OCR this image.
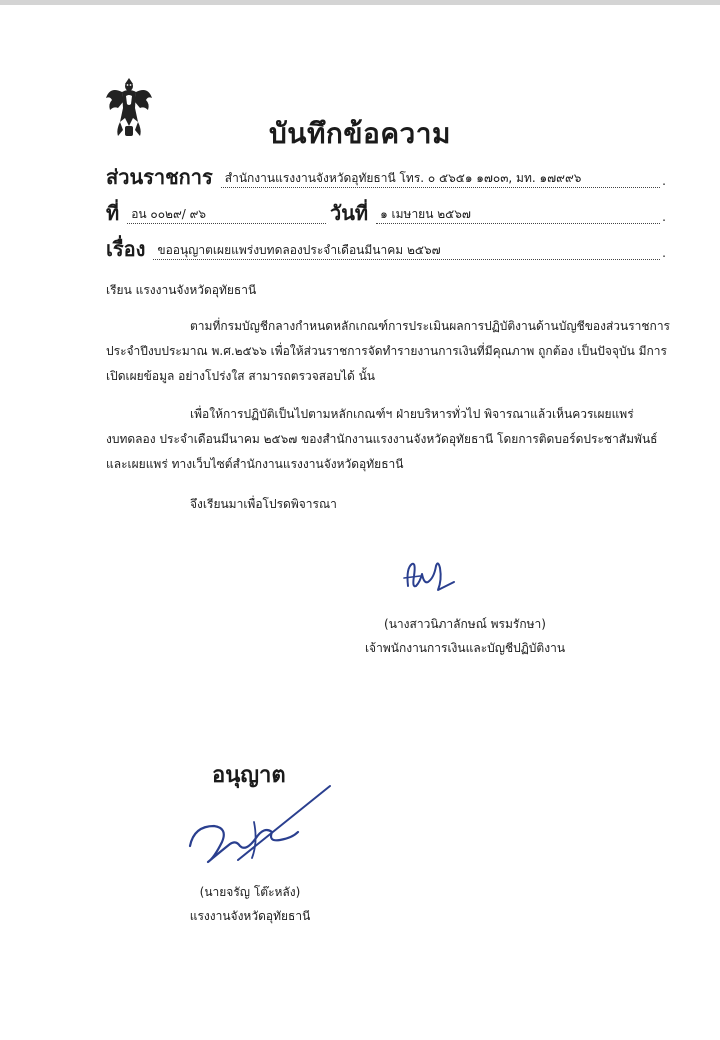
บันทึกข้อความ
ส่วนราชการ	สำนักงานแรงงานจังหวัดอุทัยธานี โทร. ๐ ๕๖๕๑ ๑๗๐๓, มท. ๑๗๙๙๖	.
ที่	อน ๐๐๒๙/ ๙๖	วันที่	๑ เมษายน ๒๕๖๗	.
เรื่อง	ขออนุญาตเผยแพร่งบทดลองประจำเดือนมีนาคม ๒๕๖๗	.
เรียน แรงงานจังหวัดอุทัยธานี
ตามที่กรมบัญชีกลางกำหนดหลักเกณฑ์การประเมินผลการปฏิบัติงานด้านบัญชีของส่วนราชการ
ประจำปีงบประมาณ พ.ศ.๒๕๖๖ เพื่อให้ส่วนราชการจัดทำรายงานการเงินที่มีคุณภาพ ถูกต้อง เป็นปัจจุบัน มีการ
เปิดเผยข้อมูล อย่างโปร่งใส สามารถตรวจสอบได้ นั้น
เพื่อให้การปฏิบัติเป็นไปตามหลักเกณฑ์ฯ ฝ่ายบริหารทั่วไป พิจารณาแล้วเห็นควรเผยแพร่
งบทดลอง ประจำเดือนมีนาคม ๒๕๖๗ ของสำนักงานแรงงานจังหวัดอุทัยธานี โดยการติดบอร์ดประชาสัมพันธ์
และเผยแพร่ ทางเว็บไซต์สำนักงานแรงงานจังหวัดอุทัยธานี
จึงเรียนมาเพื่อโปรดพิจารณา
(นางสาวนิภาลักษณ์ พรมรักษา)
เจ้าพนักงานการเงินและบัญชีปฏิบัติงาน
อนุญาต
(นายจรัญ โต๊ะหลัง)
แรงงานจังหวัดอุทัยธานี
